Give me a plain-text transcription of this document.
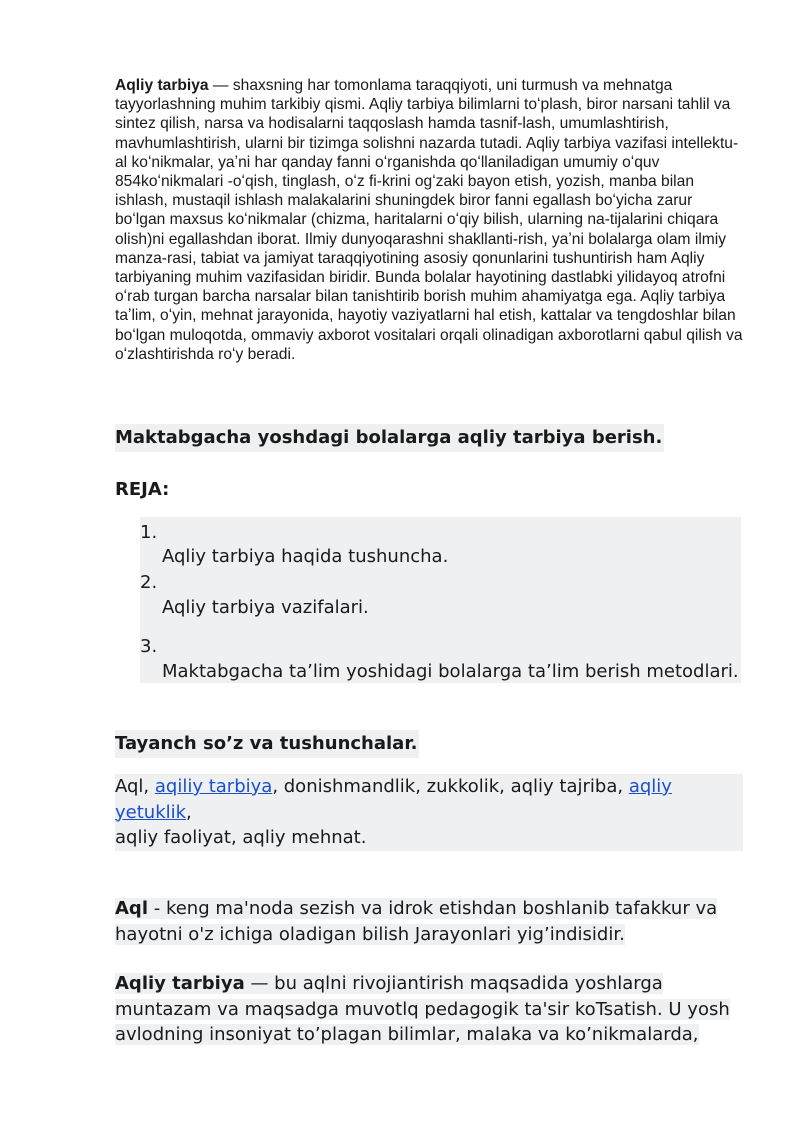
Aqliy tarbiya — shaxsning har tomonlama taraqqiyoti, uni turmush va mehnatga tayyorlashning muhim tarkibiy qismi. Aqliy tarbiya bilimlarni toʻplash, biror narsani tahlil va sintez qilish, narsa va hodisalarni taqqoslash hamda tasnif-lash, umumlashtirish, mavhumlashtirish, ularni bir tizimga solishni nazarda tutadi. Aqliy tarbiya vazifasi intellektu-al koʻnikmalar, yaʼni har qanday fanni oʻrganishda qoʻllaniladigan umumiy oʻquv 854koʻnikmalari -oʻqish, tinglash, oʻz fi-krini ogʻzaki bayon etish, yozish, manba bilan ishlash, mustaqil ishlash malakalarini shuningdek biror fanni egallash boʻyicha zarur boʻlgan maxsus koʻnikmalar (chizma, haritalarni oʻqiy bilish, ularning na-tijalarini chiqara olish)ni egallashdan iborat. Ilmiy dunyoqarashni shakllanti-rish, yaʼni bolalarga olam ilmiy manza-rasi, tabiat va jamiyat taraqqiyotining asosiy qonunlarini tushuntirish ham Aqliy tarbiyaning muhim vazifasidan biridir. Bunda bolalar hayotining dastlabki yilidayoq atrofni oʻrab turgan barcha narsalar bilan tanishtirib borish muhim ahamiyatga ega. Aqliy tarbiya taʼlim, oʻyin, mehnat jarayonida, hayotiy vaziyatlarni hal etish, kattalar va tengdoshlar bilan boʻlgan muloqotda, ommaviy axborot vositalari orqali olinadigan axborotlarni qabul qilish va oʻzlashtirishda roʻy beradi.

Maktabgacha yoshdagi bolalarga aqliy tarbiya berish.
REJA:
1.
Aqliy tarbiya haqida tushuncha.
2.
Aqliy tarbiya vazifalari.
3.
Maktabgacha ta’lim yoshidagi bolalarga ta’lim berish metodlari.
Tayanch so’z va tushunchalar.
Aql, aqiliy tarbiya, donishmandlik, zukkolik, aqliy tajriba, aqliy yetuklik,
aqliy faoliyat, aqliy mehnat.
Aql - keng ma'noda sezish va idrok etishdan boshlanib tafakkur va
hayotni o'z ichiga oladigan bilish Jarayonlari yig’indisidir.
Aqliy tarbiya — bu aqlni rivojiantirish maqsadida yoshlarga
muntazam va maqsadga muvotlq pedagogik ta'sir koTsatish. U yosh
avlodning insoniyat to’plagan bilimlar, malaka va ko’nikmalarda,
